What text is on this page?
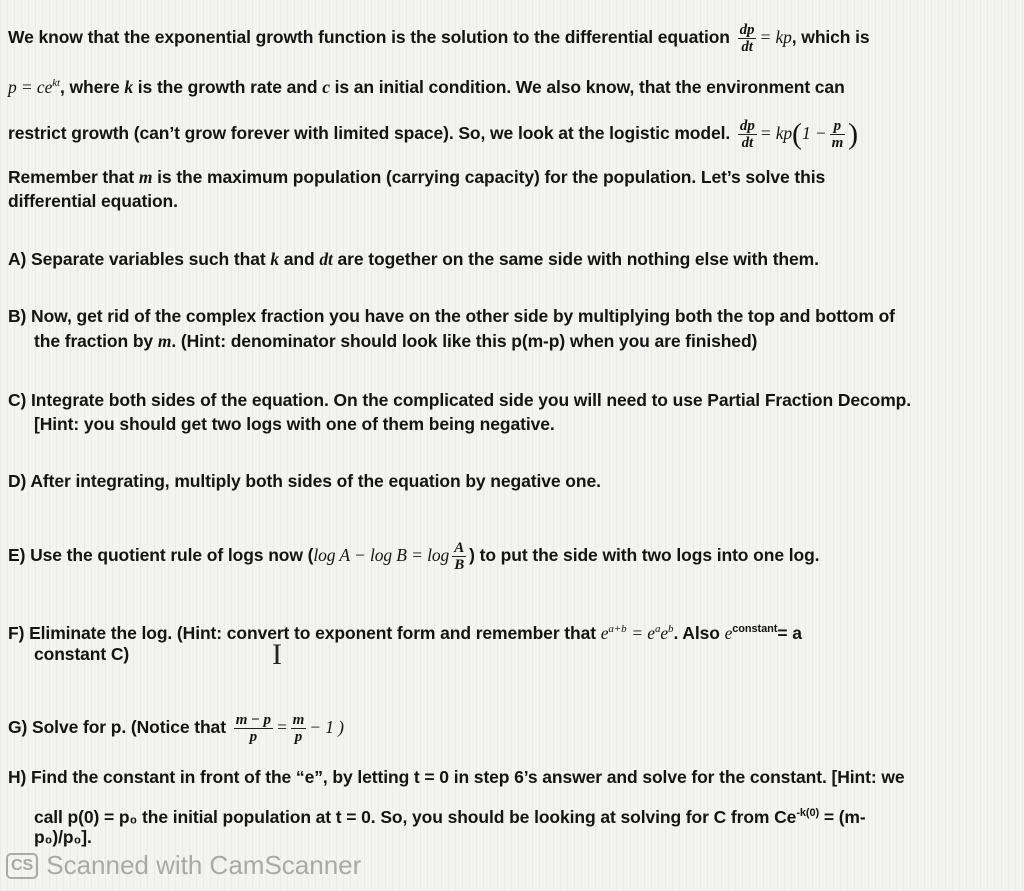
We know that the exponential growth function is the solution to the differential equation $\frac{dp}{dt}$ = kp, which is
$p = ce^{kt}$, where k is the growth rate and c is an initial condition. We also know, that the environment can
restrict growth (can’t grow forever with limited space). So, we look at the logistic model. $\frac{dp}{dt} = kp(1 - \frac{p}{m}$ )
Remember that m is the maximum population (carrying capacity) for the population. Let’s solve this
differential equation.
A) Separate variables such that k and dt are together on the same side with nothing else with them.
B) Now, get rid of the complex fraction you have on the other side by multiplying both the top and bottom of
the fraction by m. (Hint: denominator should look like this p(m-p) when you are finished)
C) Integrate both sides of the equation. On the complicated side you will need to use Partial Fraction Decomp.
[Hint: you should get two logs with one of them being negative.
D) After integrating, multiply both sides of the equation by negative one.
E) Use the quotient rule of logs now (log $A - \log B = \log \frac{A}{B}$ ) to put the side with two logs into one log.
F) Eliminate the log. (Hint: convert to exponent form and remember that $e^{a+b} = e^ae^b$. Also $e^{constant}= a$
constant C)	I
G) Solve for p. (Notice that $\frac{m - p}{p} = \frac{m}{p} - 1$ )
H) Find the constant in front of the “e”, by letting t = 0 in step 6’s answer and solve for the constant. [Hint: we
call p(0) = p₀ the initial population at t = 0. So, you should be looking at solving for C from $Ce^{-k(0)} = (m-$
p₀)/p₀].
CS Scanned with CamScanner
